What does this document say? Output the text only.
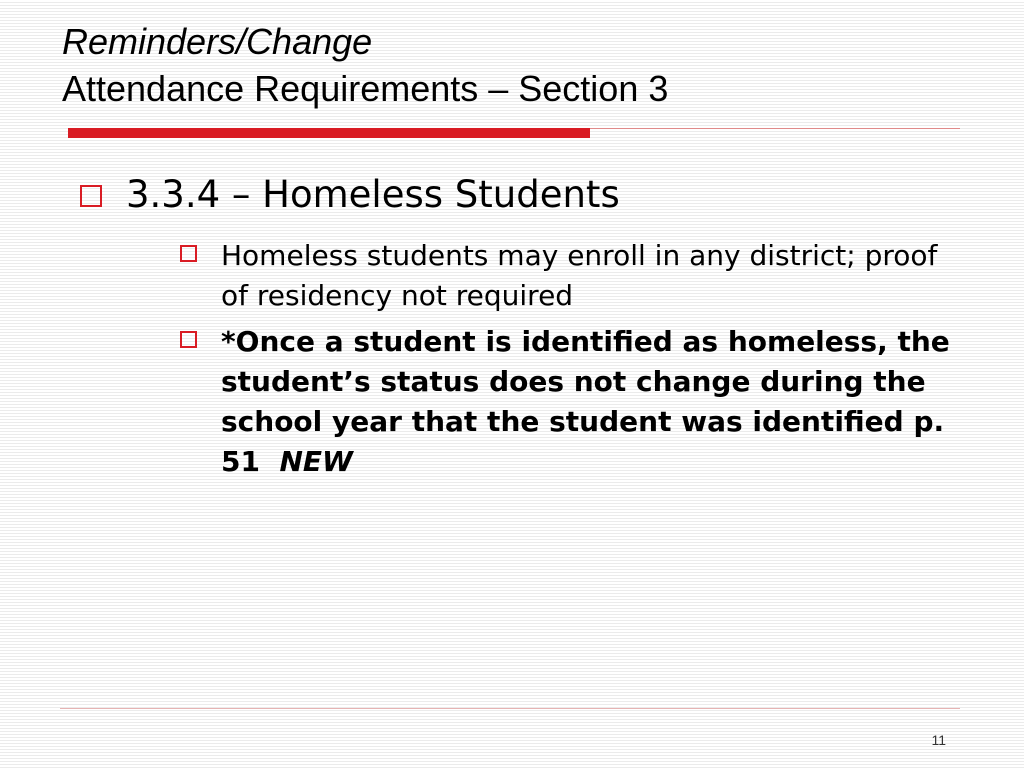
Reminders/Change
Attendance Requirements – Section 3
3.3.4 – Homeless Students
Homeless students may enroll in any district; proof of residency not required
*Once a student is identified as homeless, the student’s status does not change during the school year that the student was identified p. 51 NEW
11
